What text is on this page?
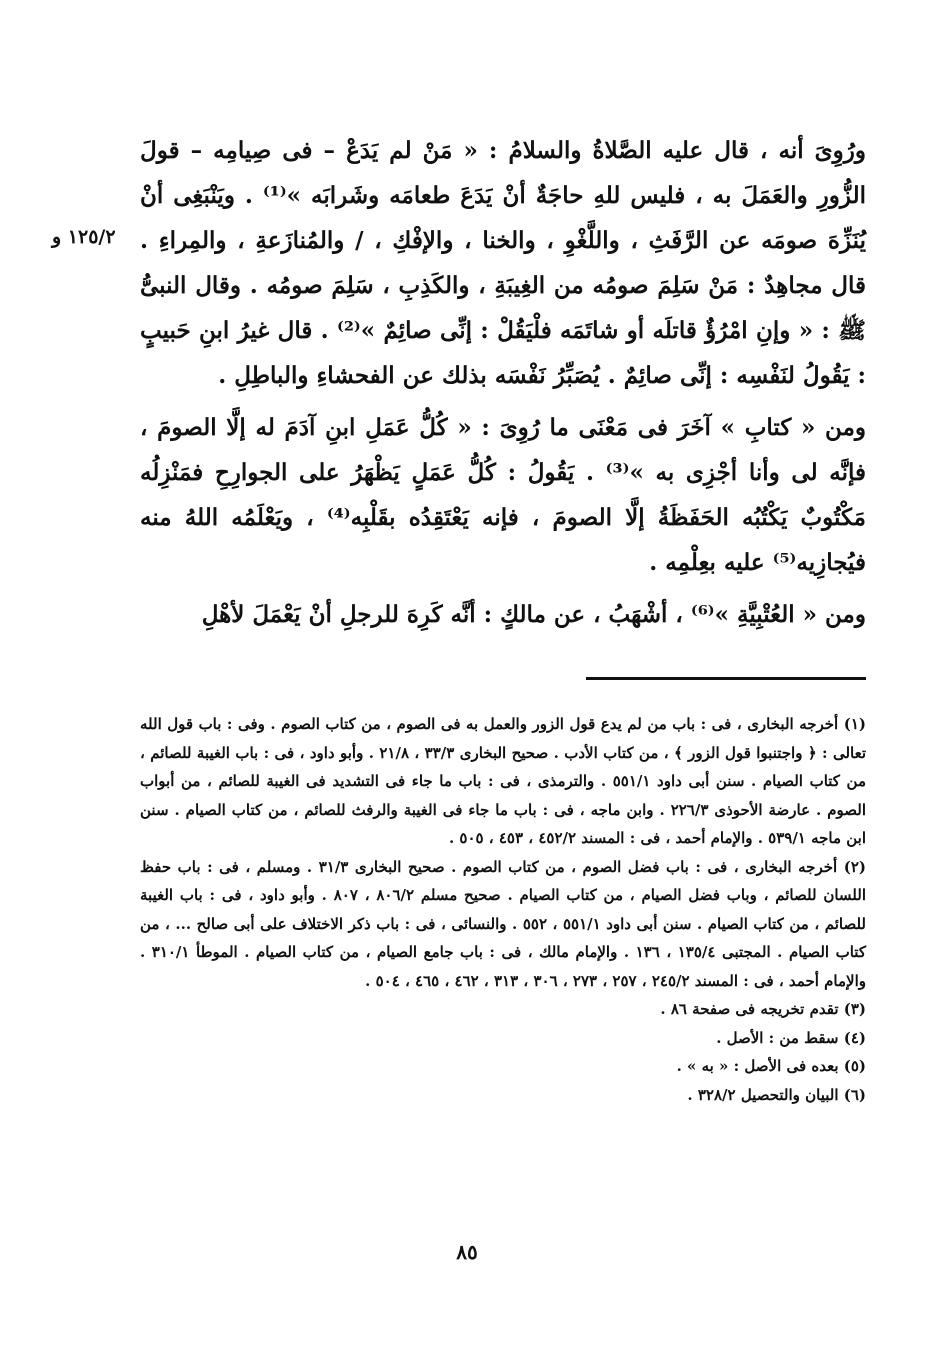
١٢٥/٢ و

ورُوِىَ أنه ، قال عليه الصَّلاةُ والسلامُ : « مَنْ لم يَدَعْ – فى صِيامِه – قولَ الزُّورِ والعَمَلَ به ، فليس للهِ حاجَةٌ أنْ يَدَعَ طعامَه وشَرابَه »⁽¹⁾ . ويَنْبَغِى أنْ يُنَزِّهَ صومَه عن الرَّفَثِ ، واللَّغْوِ ، والخنا ، والإفْكِ ، / والمُنازَعةِ ، والمِراءِ . قال مجاهِدٌ : مَنْ سَلِمَ صومُه من الغِيبَةِ ، والكَذِبِ ، سَلِمَ صومُه . وقال النبىُّ ﷺ : « وإنِ امْرُؤٌ قاتلَه أو شاتَمَه فلْيَقُلْ : إنِّى صائِمٌ »⁽²⁾ . قال غيرُ ابنِ حَبيبٍ : يَقُولُ لنَفْسِه : إنِّى صائِمٌ . يُصَبِّرُ نَفْسَه بذلك عن الفحشاءِ والباطِلِ .

ومن « كتابِ » آخَرَ فى مَعْنَى ما رُوِىَ : « كُلُّ عَمَلِ ابنِ آدَمَ له إلَّا الصومَ ، فإنَّه لى وأنا أجْزِى به »⁽³⁾ . يَقُولُ : كُلُّ عَمَلٍ يَظْهَرُ على الجوارِحِ فمَنْزِلُه مَكْتُوبٌ يَكْتُبُه الحَفَظَةُ إلَّا الصومَ ، فإنه يَعْتَقِدُه بقَلْبِه⁽⁴⁾ ، ويَعْلَمُه اللهُ منه فيُجازِيه⁽⁵⁾ عليه بعِلْمِه .

ومن « العُتْبِيَّةِ »⁽⁶⁾ ، أشْهَبُ ، عن مالكٍ : أنَّه كَرِهَ للرجلِ أنْ يَعْمَلَ لأهْلِ

(١) أخرجه البخارى ، فى : باب من لم يدع قول الزور والعمل به فى الصوم ، من كتاب الصوم . وفى : باب قول الله تعالى : ﴿ واجتنبوا قول الزور ﴾ ، من كتاب الأدب . صحيح البخارى ٣٣/٣ ، ٢١/٨ . وأبو داود ، فى : باب الغيبة للصائم ، من كتاب الصيام . سنن أبى داود ٥٥١/١ . والترمذى ، فى : باب ما جاء فى التشديد فى الغيبة للصائم ، من أبواب الصوم . عارضة الأحوذى ٢٢٦/٣ . وابن ماجه ، فى : باب ما جاء فى الغيبة والرفث للصائم ، من كتاب الصيام . سنن ابن ماجه ٥٣٩/١ . والإمام أحمد ، فى : المسند ٤٥٢/٢ ، ٤٥٣ ، ٥٠٥ .

(٢) أخرجه البخارى ، فى : باب فضل الصوم ، من كتاب الصوم . صحيح البخارى ٣١/٣ . ومسلم ، فى : باب حفظ اللسان للصائم ، وباب فضل الصيام ، من كتاب الصيام . صحيح مسلم ٨٠٦/٢ ، ٨٠٧ . وأبو داود ، فى : باب الغيبة للصائم ، من كتاب الصيام . سنن أبى داود ٥٥١/١ ، ٥٥٢ . والنسائى ، فى : باب ذكر الاختلاف على أبى صالح ... ، من كتاب الصيام . المجتبى ١٣٥/٤ ، ١٣٦ . والإمام مالك ، فى : باب جامع الصيام ، من كتاب الصيام . الموطأ ٣١٠/١ . والإمام أحمد ، فى : المسند ٢٤٥/٢ ، ٢٥٧ ، ٢٧٣ ، ٣٠٦ ، ٣١٣ ، ٤٦٢ ، ٤٦٥ ، ٥٠٤ .

(٣) تقدم تخريجه فى صفحة ٨٦ .

(٤) سقط من : الأصل .

(٥) بعده فى الأصل : « به » .

(٦) البيان والتحصيل ٣٢٨/٢ .

٨٥
